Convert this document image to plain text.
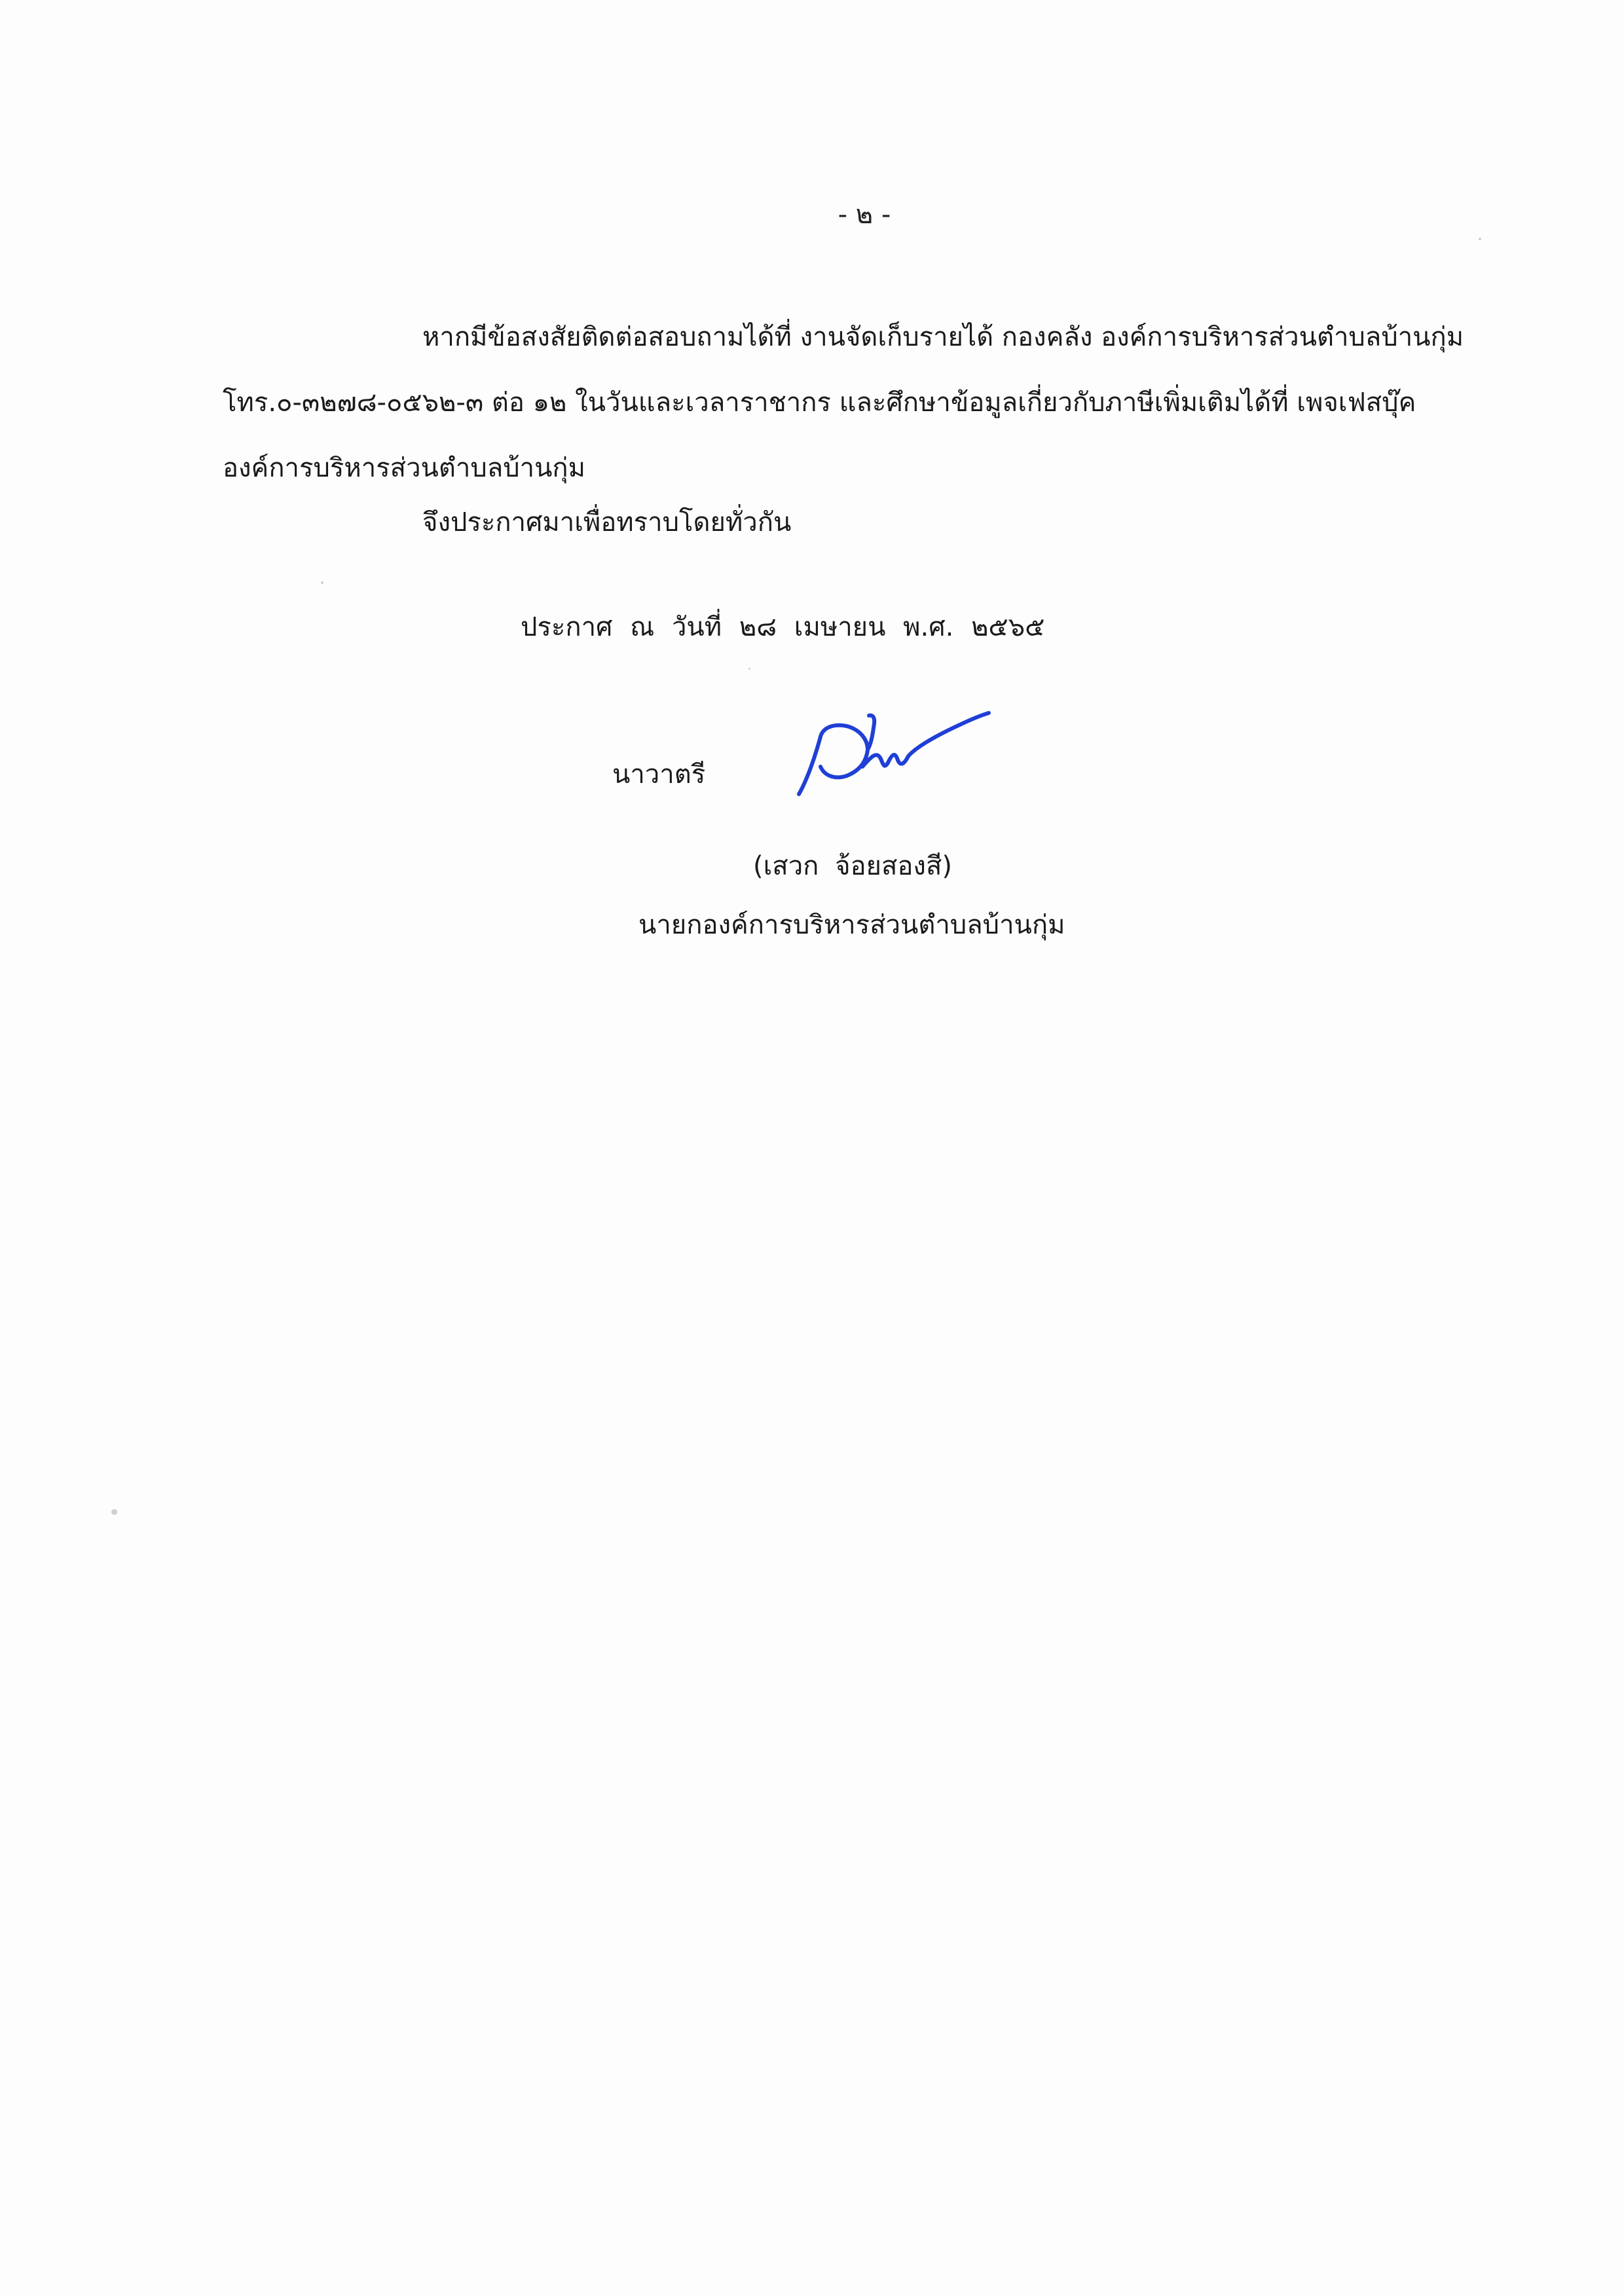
- ๒ -
หากมีข้อสงสัยติดต่อสอบถามได้ที่ งานจัดเก็บรายได้ กองคลัง องค์การบริหารส่วนตำบลบ้านกุ่ม
โทร.๐-๓๒๗๘-๐๕๖๒-๓ ต่อ ๑๒ ในวันและเวลาราชากร และศึกษาข้อมูลเกี่ยวกับภาษีเพิ่มเติมได้ที่ เพจเฟสบุ๊ค
องค์การบริหารส่วนตำบลบ้านกุ่ม
จึงประกาศมาเพื่อทราบโดยทั่วกัน
ประกาศ ณ วันที่ ๒๘ เมษายน พ.ศ. ๒๕๖๕
นาวาตรี
(เสวก จ้อยสองสี)
นายกองค์การบริหารส่วนตำบลบ้านกุ่ม
